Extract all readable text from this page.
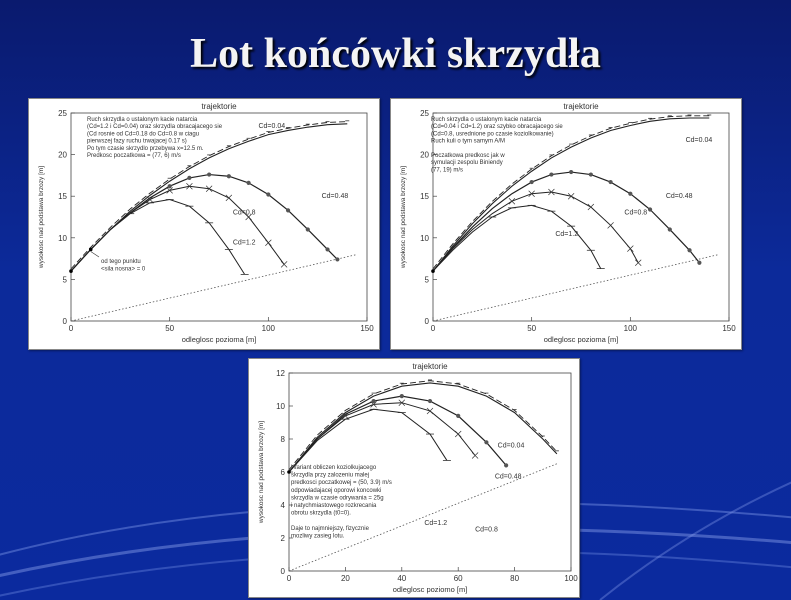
Lot końcówki skrzydła
trajektorie
0	50	100	150
0
5
10
15
20
25
odleglosc pozioma [m]
wysokosc nad podstawa brzozy [m]
Cd=0.04
Cd=0.48
Cd=0.8
Cd=1.2
Ruch skrzydla o ustalonym kacie natarcia
(Cd=1.2 i Cd=0.04) oraz skrzydla obracajacego sie
(Cd rosnie od Cd=0.18 do Cd=0.8 w ciagu
pierwszej fazy ruchu trwajacej 0.17 s)
Po tym czasie skrzydlo przebywa x=12.5 m.
Predkosc poczatkowa = (77, 6) m/s
od tego punktu
<sila nosna> = 0
trajektorie
0	50	100	150
0
5
10
15
20
25
odleglosc pozioma [m]
wysokosc nad podstawa brzozy [m]
Cd=0.04
Cd=0.48
Cd=0.8
Cd=1.2
Ruch skrzydla o ustalonym kacie natarcia
(Cd=0.04 i Cd=1.2) oraz szybko obracajacego sie
(Cd=0.8, usrednione po czasie koziolkowanie)
Ruch kuli o tym samym A/M
Poczatkowa predkosc jak w
symulacji zespolu Biniendy
(77, 19) m/s
trajektorie
0	20	40	60	80	100
0
2
4
6
8
10
12
odleglosc poziomo [m]
wysokosc nad podstawa brzozy [m]	Cd=0.04
Cd=0.48
Cd=0.8
Cd=1.2
Wariant obliczen koziolkujacego
skrzydla przy zalozeniu malej
predkosci poczatkowej = (50, 3.9) m/s
odpowiadajacej oporowi koncowki
skrzydla w czasie odrywania = 25g
i natychmiastowego rozkrecania
obrotu skrzydla (t0=0).
Daje to najmniejszy, fizycznie
mozliwy zasieg lotu.
